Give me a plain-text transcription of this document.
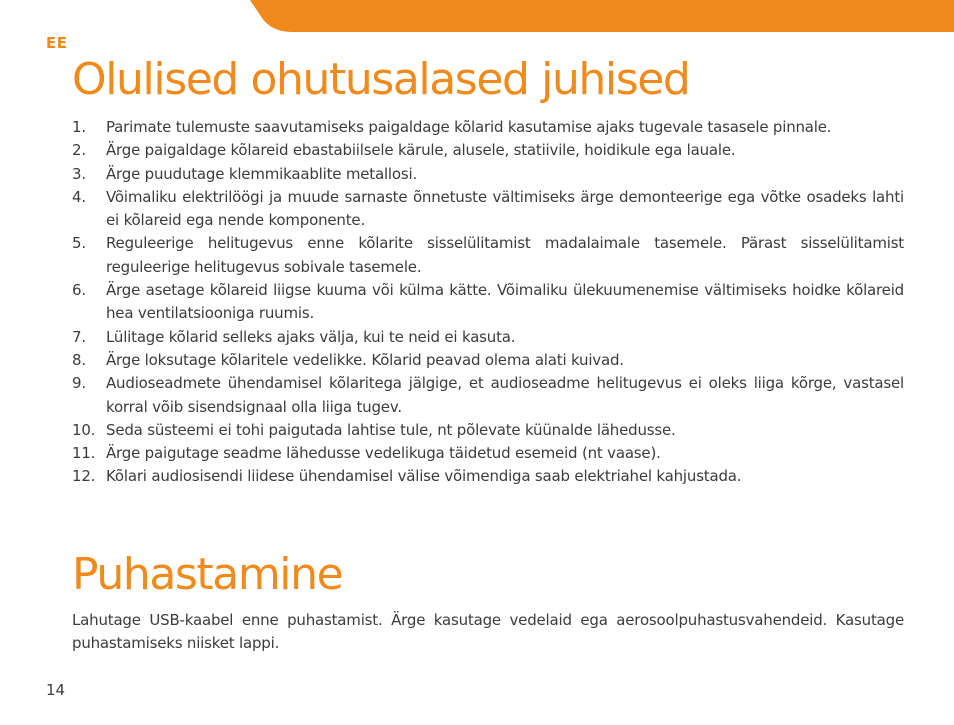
EE
Olulised ohutusalased juhised
1. Parimate tulemuste saavutamiseks paigaldage kõlarid kasutamise ajaks tugevale tasasele pinnale.
2. Ärge paigaldage kõlareid ebastabiilsele kärule, alusele, statiivile, hoidikule ega lauale.
3. Ärge puudutage klemmikaablite metallosi.
4. Võimaliku elektrilöögi ja muude sarnaste õnnetuste vältimiseks ärge demonteerige ega võtke osadeks lahti ei kõlareid ega nende komponente.
5. Reguleerige helitugevus enne kõlarite sisselülitamist madalaimale tasemele. Pärast sisselülitamist reguleerige helitugevus sobivale tasemele.
6. Ärge asetage kõlareid liigse kuuma või külma kätte. Võimaliku ülekuumenemise vältimiseks hoidke kõlareid hea ventilatsiooniga ruumis.
7. Lülitage kõlarid selleks ajaks välja, kui te neid ei kasuta.
8. Ärge loksutage kõlaritele vedelikke. Kõlarid peavad olema alati kuivad.
9. Audioseadmete ühendamisel kõlaritega jälgige, et audioseadme helitugevus ei oleks liiga kõrge, vastasel korral võib sisendsignaal olla liiga tugev.
10. Seda süsteemi ei tohi paigutada lahtise tule, nt põlevate küünalde lähedusse.
11. Ärge paigutage seadme lähedusse vedelikuga täidetud esemeid (nt vaase).
12. Kõlari audiosisendi liidese ühendamisel välise võimendiga saab elektriahel kahjustada.
Puhastamine

Lahutage USB-kaabel enne puhastamist. Ärge kasutage vedelaid ega aerosoolpuhastusvahendeid. Kasutage puhastamiseks niisket lappi.

14
